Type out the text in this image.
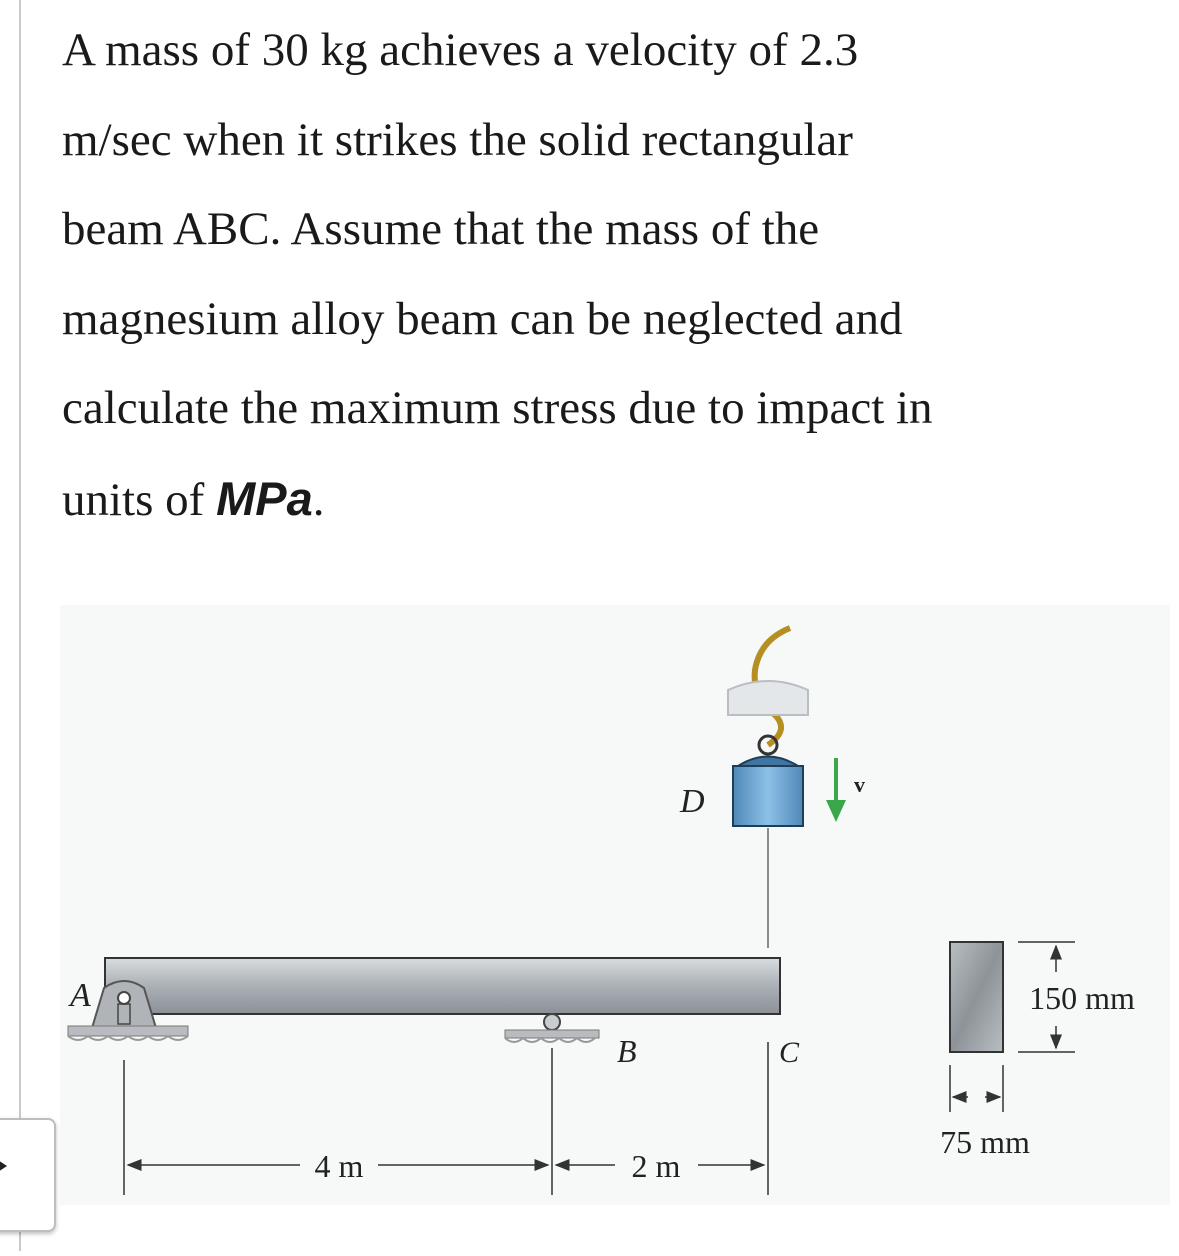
A mass of 30 kg achieves a velocity of 2.3
m/sec when it strikes the solid rectangular
beam ABC. Assume that the mass of the
magnesium alloy beam can be neglected and
calculate the maximum stress due to impact in
units of MPa.
A
B	C
D	v
4 m	2 m
150 mm
75 mm
